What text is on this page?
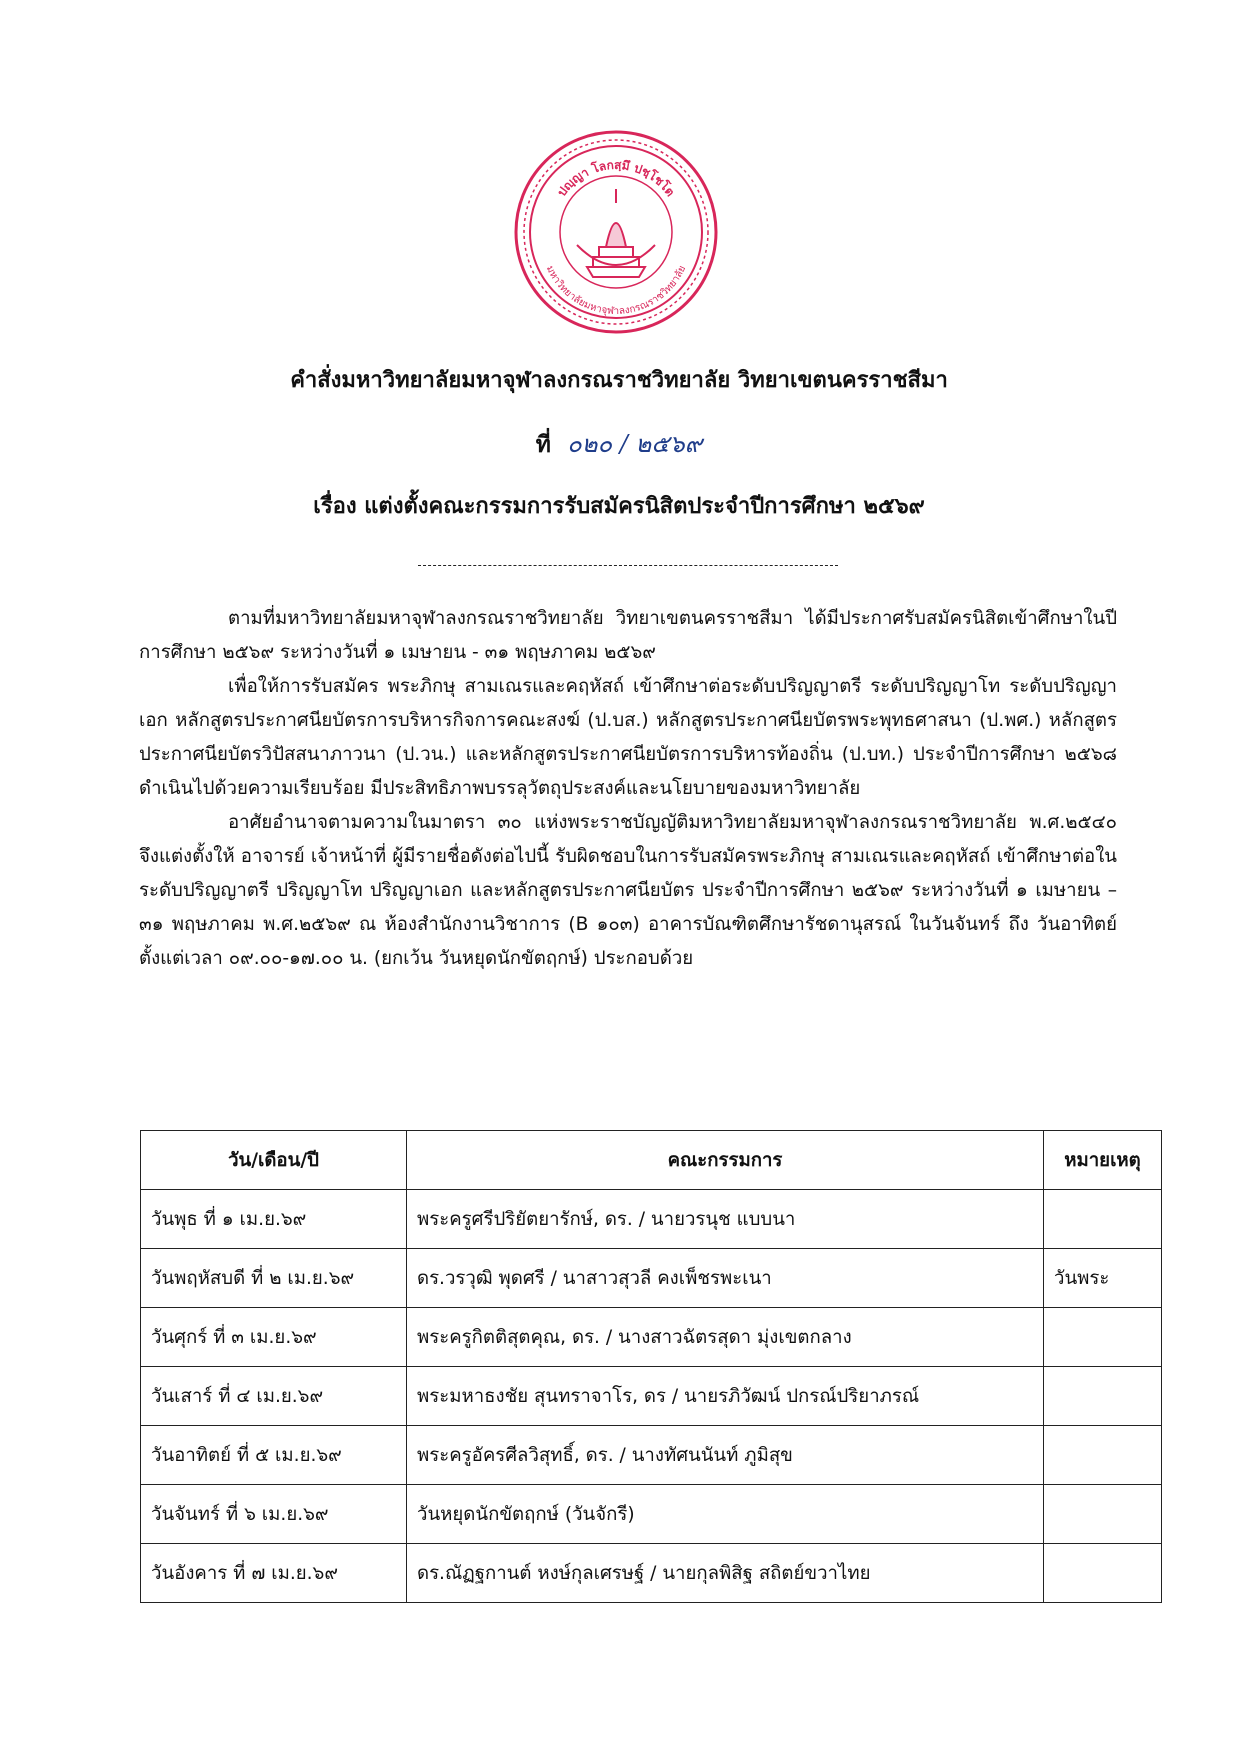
ปญฺญา โลกสฺมึ ปชฺโชโต
มหาวิทยาลัยมหาจุฬาลงกรณราชวิทยาลัย
คำสั่งมหาวิทยาลัยมหาจุฬาลงกรณราชวิทยาลัย วิทยาเขตนครราชสีมา
ที่ ๐๒๐ / ๒๕๖๙
เรื่อง แต่งตั้งคณะกรรมการรับสมัครนิสิตประจำปีการศึกษา ๒๕๖๙

ตามที่มหาวิทยาลัยมหาจุฬาลงกรณราชวิทยาลัย วิทยาเขตนครราชสีมา ได้มีประกาศรับสมัครนิสิตเข้าศึกษาในปีการศึกษา ๒๕๖๙ ระหว่างวันที่ ๑ เมษายน - ๓๑ พฤษภาคม ๒๕๖๙

เพื่อให้การรับสมัคร พระภิกษุ สามเณรและคฤหัสถ์ เข้าศึกษาต่อระดับปริญญาตรี ระดับปริญญาโท ระดับปริญญาเอก หลักสูตรประกาศนียบัตรการบริหารกิจการคณะสงฆ์ (ป.บส.) หลักสูตรประกาศนียบัตรพระพุทธศาสนา (ป.พศ.) หลักสูตรประกาศนียบัตรวิปัสสนาภาวนา (ป.วน.) และหลักสูตรประกาศนียบัตรการบริหารท้องถิ่น (ป.บท.) ประจำปีการศึกษา ๒๕๖๘ ดำเนินไปด้วยความเรียบร้อย มีประสิทธิภาพบรรลุวัตถุประสงค์และนโยบายของมหาวิทยาลัย

อาศัยอำนาจตามความในมาตรา ๓๐ แห่งพระราชบัญญัติมหาวิทยาลัยมหาจุฬาลงกรณราชวิทยาลัย พ.ศ.๒๕๔๐ จึงแต่งตั้งให้ อาจารย์ เจ้าหน้าที่ ผู้มีรายชื่อดังต่อไปนี้ รับผิดชอบในการรับสมัครพระภิกษุ สามเณรและคฤหัสถ์ เข้าศึกษาต่อในระดับปริญญาตรี ปริญญาโท ปริญญาเอก และหลักสูตรประกาศนียบัตร ประจำปีการศึกษา ๒๕๖๙ ระหว่างวันที่ ๑ เมษายน – ๓๑ พฤษภาคม พ.ศ.๒๕๖๙ ณ ห้องสำนักงานวิชาการ (B ๑๐๓) อาคารบัณฑิตศึกษารัชดานุสรณ์ ในวันจันทร์ ถึง วันอาทิตย์ ตั้งแต่เวลา ๐๙.๐๐-๑๗.๐๐ น. (ยกเว้น วันหยุดนักขัตฤกษ์) ประกอบด้วย

วัน/เดือน/ปี	คณะกรรมการ	หมายเหตุ
วันพุธ ที่ ๑ เม.ย.๖๙	พระครูศรีปริยัตยารักษ์, ดร. / นายวรนุช แบบนา	
วันพฤหัสบดี ที่ ๒ เม.ย.๖๙	ดร.วรวุฒิ พุดศรี / นาสาวสุวลี คงเพ็ชรพะเนา	วันพระ
วันศุกร์ ที่ ๓ เม.ย.๖๙	พระครูกิตติสุตคุณ, ดร. / นางสาวฉัตรสุดา มุ่งเขตกลาง	
วันเสาร์ ที่ ๔ เม.ย.๖๙	พระมหาธงชัย สุนทราจาโร, ดร / นายรภิวัฒน์ ปกรณ์ปริยาภรณ์	
วันอาทิตย์ ที่ ๕ เม.ย.๖๙	พระครูอัครศีลวิสุทธิ์, ดร. / นางทัศนนันท์ ภูมิสุข	
วันจันทร์ ที่ ๖ เม.ย.๖๙	วันหยุดนักขัตฤกษ์ (วันจักรี)	
วันอังคาร ที่ ๗ เม.ย.๖๙	ดร.ณัฏฐกานต์ หงษ์กุลเศรษฐ์ / นายกุลพิสิฐ สถิตย์ขวาไทย	
